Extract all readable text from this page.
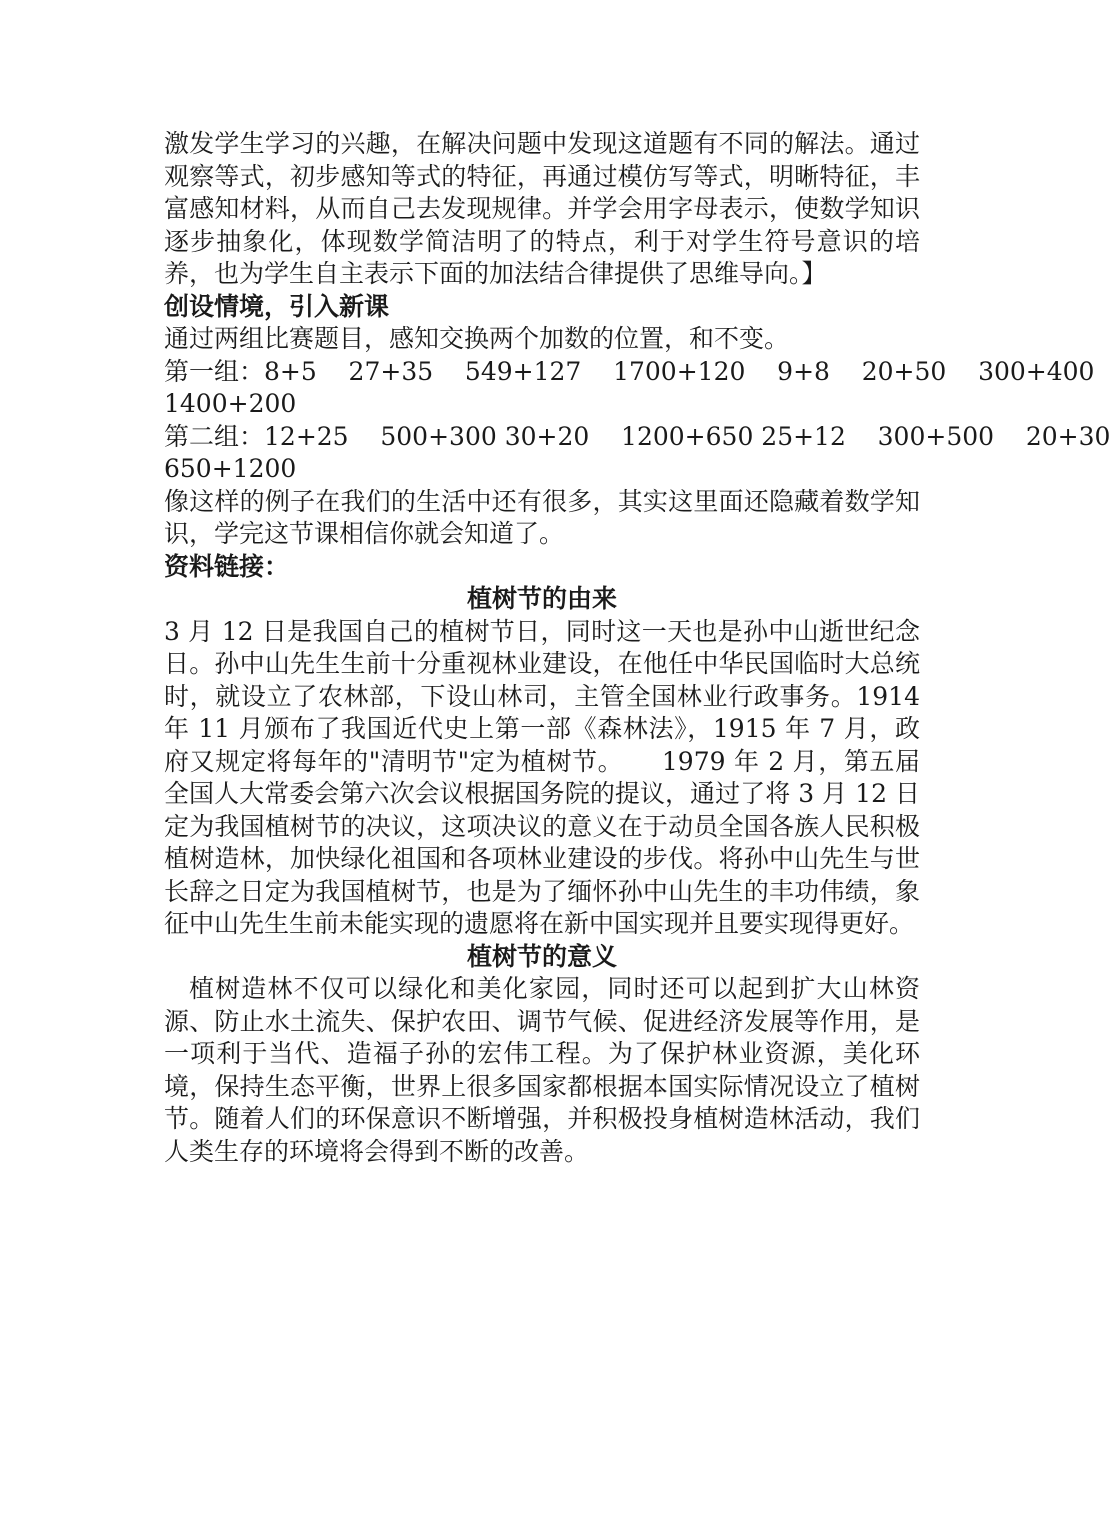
激发学生学习的兴趣，在解决问题中发现这道题有不同的解法。通过观察等式，初步感知等式的特征，再通过模仿写等式，明晰特征，丰富感知材料，从而自己去发现规律。并学会用字母表示，使数学知识逐步抽象化，体现数学简洁明了的特点，利于对学生符号意识的培养，也为学生自主表示下面的加法结合律提供了思维导向。】
创设情境，引入新课
通过两组比赛题目，感知交换两个加数的位置，和不变。
第一组：8+5    27+35    549+127    1700+120    9+8    20+50    300+400
1400+200
第二组：12+25    500+300 30+20    1200+650 25+12    300+500    20+30
650+1200
像这样的例子在我们的生活中还有很多，其实这里面还隐藏着数学知识，学完这节课相信你就会知道了。
资料链接：
植树节的由来
3 月 12 日是我国自己的植树节日，同时这一天也是孙中山逝世纪念日。孙中山先生生前十分重视林业建设，在他任中华民国临时大总统时，就设立了农林部，下设山林司，主管全国林业行政事务。1914 年 11 月颁布了我国近代史上第一部《森林法》，1915 年 7 月，政府又规定将每年的"清明节"定为植树节。　　1979 年 2 月，第五届全国人大常委会第六次会议根据国务院的提议，通过了将 3 月 12 日定为我国植树节的决议，这项决议的意义在于动员全国各族人民积极植树造林，加快绿化祖国和各项林业建设的步伐。将孙中山先生与世长辞之日定为我国植树节，也是为了缅怀孙中山先生的丰功伟绩，象征中山先生生前未能实现的遗愿将在新中国实现并且要实现得更好。
植树节的意义
植树造林不仅可以绿化和美化家园，同时还可以起到扩大山林资源、防止水土流失、保护农田、调节气候、促进经济发展等作用，是一项利于当代、造福子孙的宏伟工程。为了保护林业资源，美化环境，保持生态平衡，世界上很多国家都根据本国实际情况设立了植树节。随着人们的环保意识不断增强，并积极投身植树造林活动，我们人类生存的环境将会得到不断的改善。
